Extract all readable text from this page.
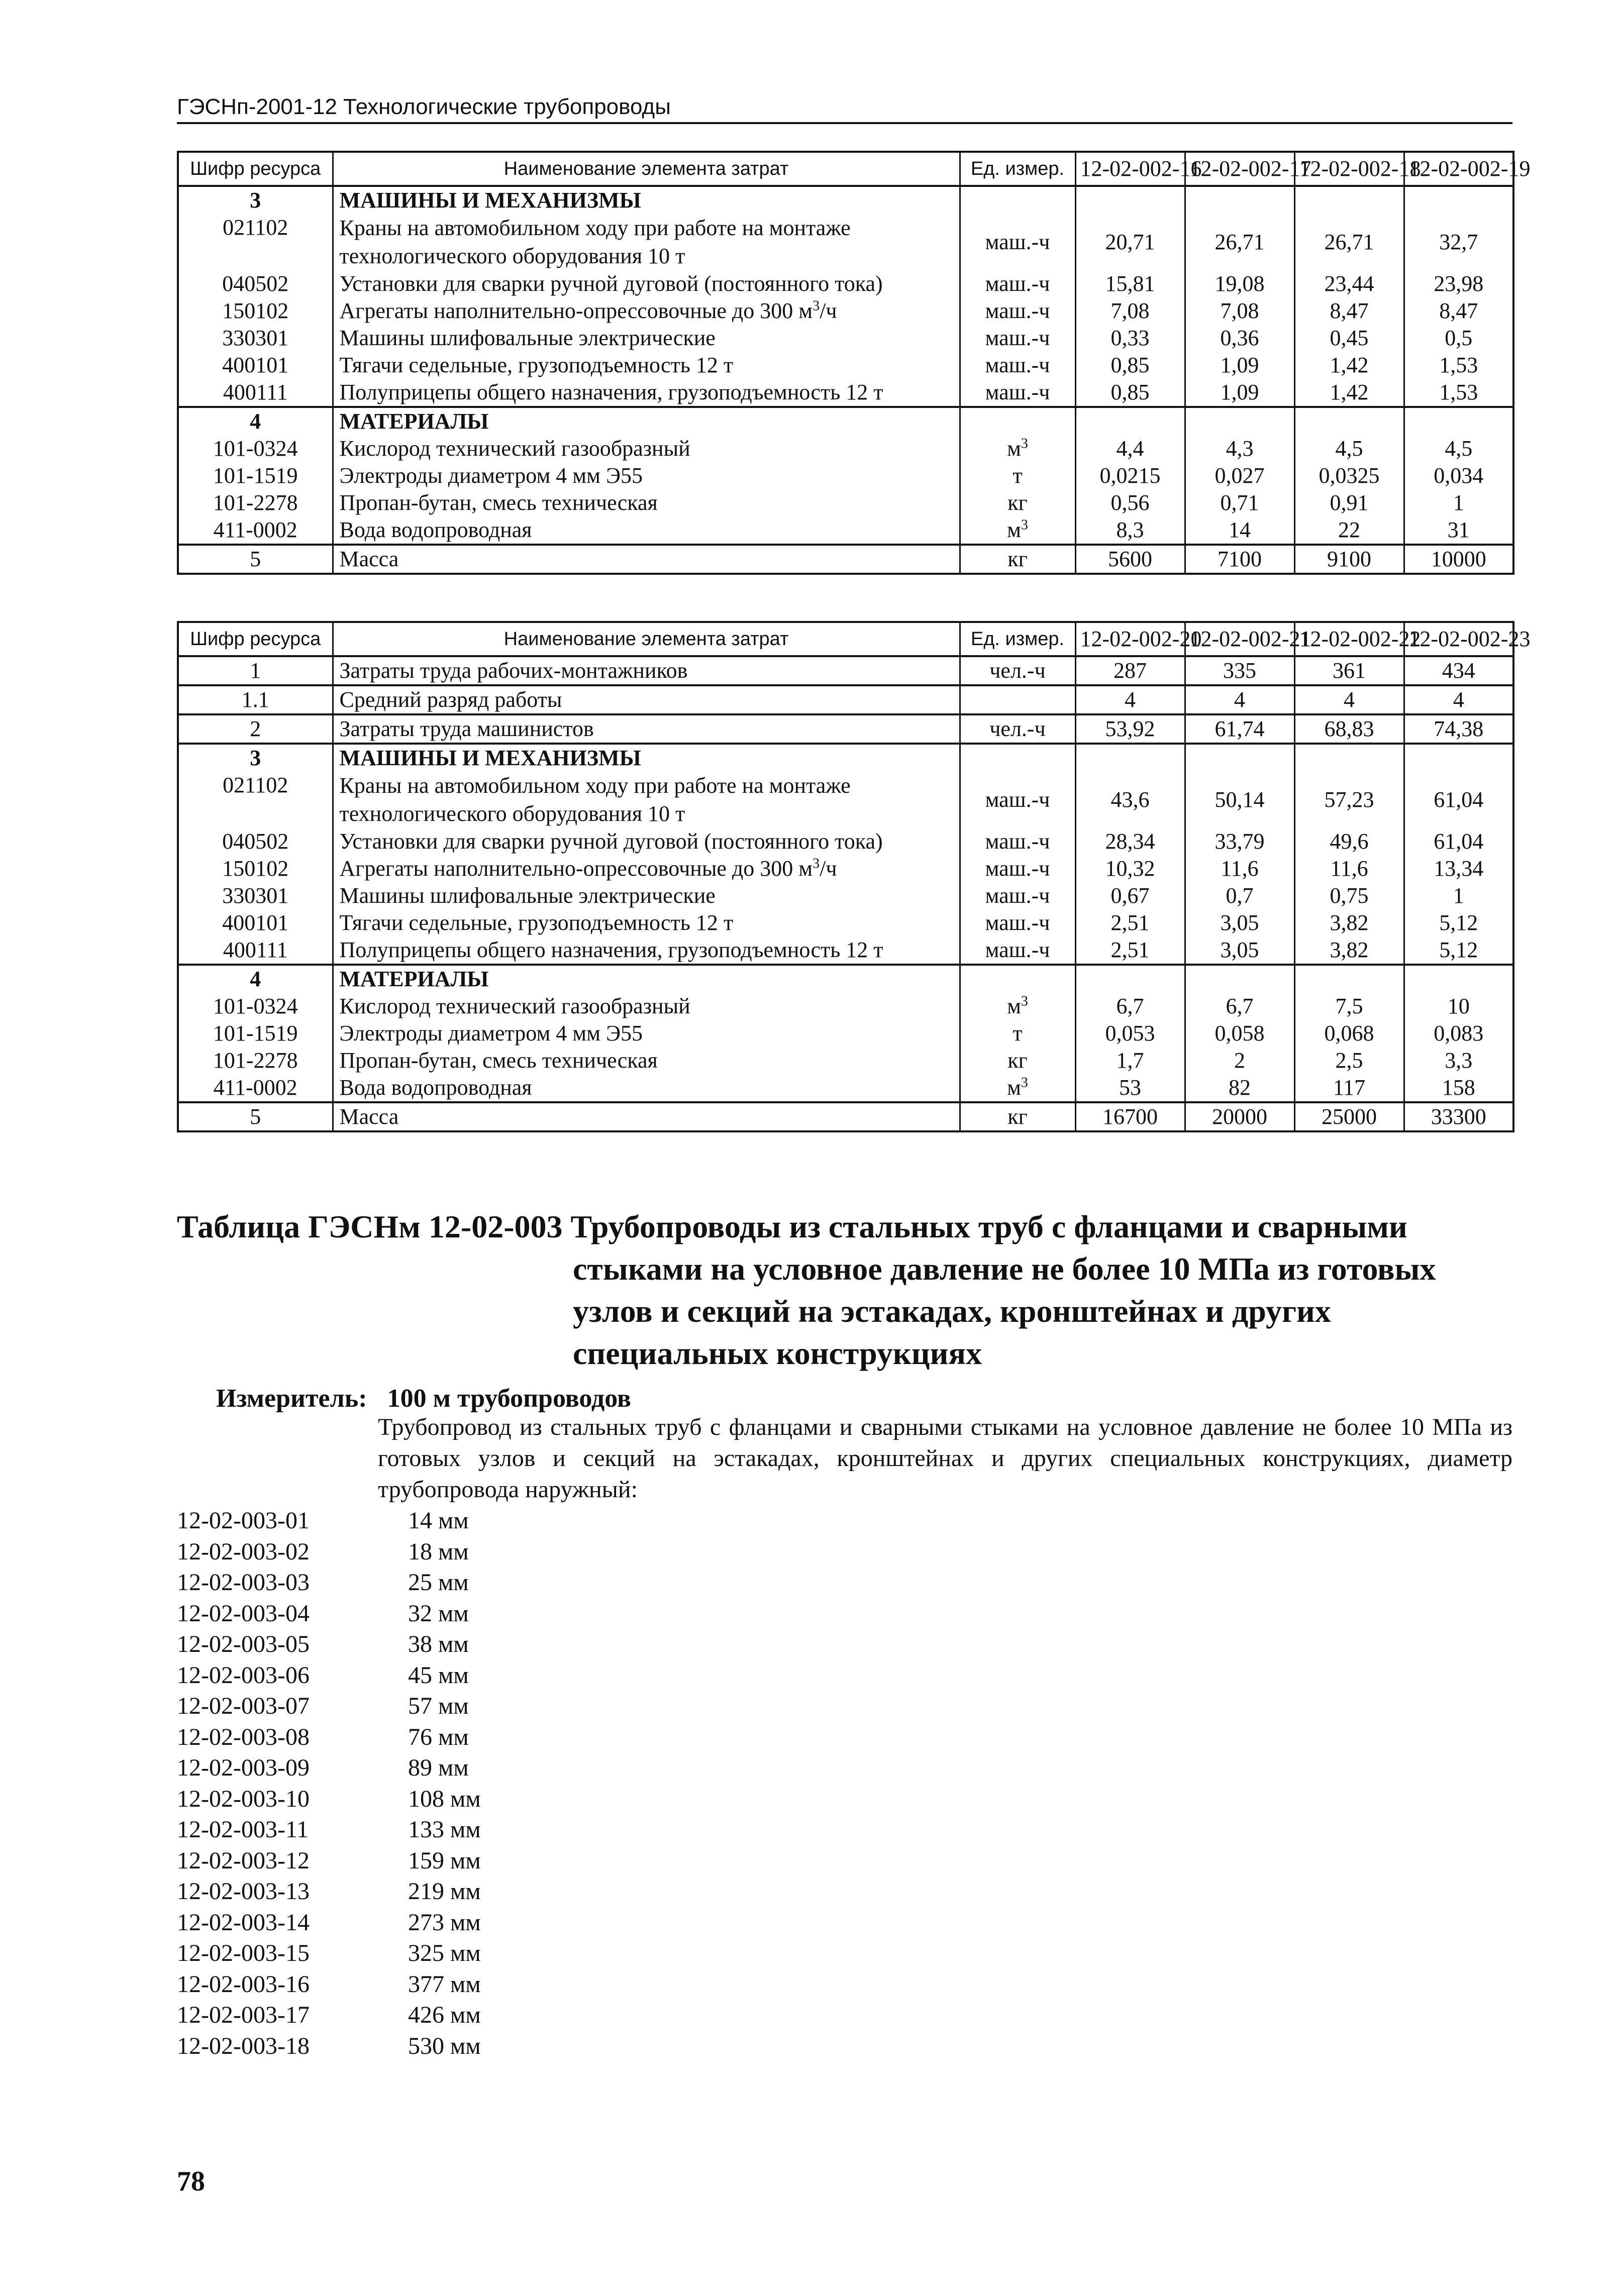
ГЭСНп-2001-12 Технологические трубопроводы
Шифр ресурса	Наименование элемента затрат	Ед. измер.	12-02-002-16	12-02-002-17	12-02-002-18	12-02-002-19
3	МАШИНЫ И МЕХАНИЗМЫ					
021102	Краны на автомобильном ходу при работе на монтаже технологического оборудования 10 т	маш.-ч	20,71	26,71	26,71	32,7
040502	Установки для сварки ручной дуговой (постоянного тока)	маш.-ч	15,81	19,08	23,44	23,98
150102	Агрегаты наполнительно-опрессовочные до 300 $м^3/ч$	маш.-ч	7,08	7,08	8,47	8,47
330301	Машины шлифовальные электрические	маш.-ч	0,33	0,36	0,45	0,5
400101	Тягачи седельные, грузоподъемность 12 т	маш.-ч	0,85	1,09	1,42	1,53
400111	Полуприцепы общего назначения, грузоподъемность 12 т	маш.-ч	0,85	1,09	1,42	1,53
4	МАТЕРИАЛЫ					
101-0324	Кислород технический газообразный	$м^3$	4,4	4,3	4,5	4,5
101-1519	Электроды диаметром 4 мм Э55	т	0,0215	0,027	0,0325	0,034
101-2278	Пропан-бутан, смесь техническая	кг	0,56	0,71	0,91	1
411-0002	Вода водопроводная	$м^3$	8,3	14	22	31
5	Масса	кг	5600	7100	9100	10000
Шифр ресурса	Наименование элемента затрат	Ед. измер.	12-02-002-20	12-02-002-21	12-02-002-22	12-02-002-23
1	Затраты труда рабочих-монтажников	чел.-ч	287	335	361	434
1.1	Средний разряд работы		4	4	4	4
2	Затраты труда машинистов	чел.-ч	53,92	61,74	68,83	74,38
3	МАШИНЫ И МЕХАНИЗМЫ					
021102	Краны на автомобильном ходу при работе на монтаже технологического оборудования 10 т	маш.-ч	43,6	50,14	57,23	61,04
040502	Установки для сварки ручной дуговой (постоянного тока)	маш.-ч	28,34	33,79	49,6	61,04
150102	Агрегаты наполнительно-опрессовочные до 300 $м^3/ч$	маш.-ч	10,32	11,6	11,6	13,34
330301	Машины шлифовальные электрические	маш.-ч	0,67	0,7	0,75	1
400101	Тягачи седельные, грузоподъемность 12 т	маш.-ч	2,51	3,05	3,82	5,12
400111	Полуприцепы общего назначения, грузоподъемность 12 т	маш.-ч	2,51	3,05	3,82	5,12
4	МАТЕРИАЛЫ					
101-0324	Кислород технический газообразный	$м^3$	6,7	6,7	7,5	10
101-1519	Электроды диаметром 4 мм Э55	т	0,053	0,058	0,068	0,083
101-2278	Пропан-бутан, смесь техническая	кг	1,7	2	2,5	3,3
411-0002	Вода водопроводная	$м^3$	53	82	117	158
5	Масса	кг	16700	20000	25000	33300
Таблица ГЭСНм 12-02-003 Трубопроводы из стальных труб с фланцами и сварными
стыками на условное давление не более 10 МПа из готовых узлов и секций на эстакадах, кронштейнах и других специальных конструкциях
Измеритель: 100 м трубопроводов
Трубопровод из стальных труб с фланцами и сварными стыками на условное давление не более 10 МПа из готовых узлов и секций на эстакадах, кронштейнах и других специальных конструкциях, диаметр трубопровода наружный:
12-02-003-01	14 мм
12-02-003-02	18 мм
12-02-003-03	25 мм
12-02-003-04	32 мм
12-02-003-05	38 мм
12-02-003-06	45 мм
12-02-003-07	57 мм
12-02-003-08	76 мм
12-02-003-09	89 мм
12-02-003-10	108 мм
12-02-003-11	133 мм
12-02-003-12	159 мм
12-02-003-13	219 мм
12-02-003-14	273 мм
12-02-003-15	325 мм
12-02-003-16	377 мм
12-02-003-17	426 мм
12-02-003-18	530 мм
78
